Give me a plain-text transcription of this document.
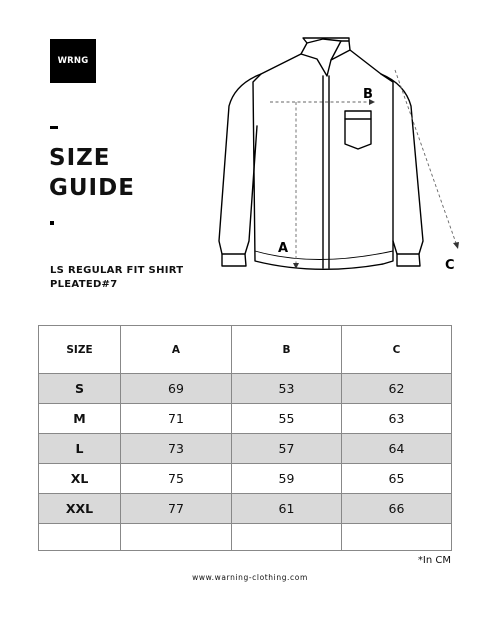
WRNG
SIZE
GUIDE
LS REGULAR FIT SHIRT
PLEATED#7
A
B
C
SIZE	A	B	C
S	69	53	62
M	71	55	63
L	73	57	64
XL	75	59	65
XXL	77	61	66

*In CM
www.warning-clothing.com
